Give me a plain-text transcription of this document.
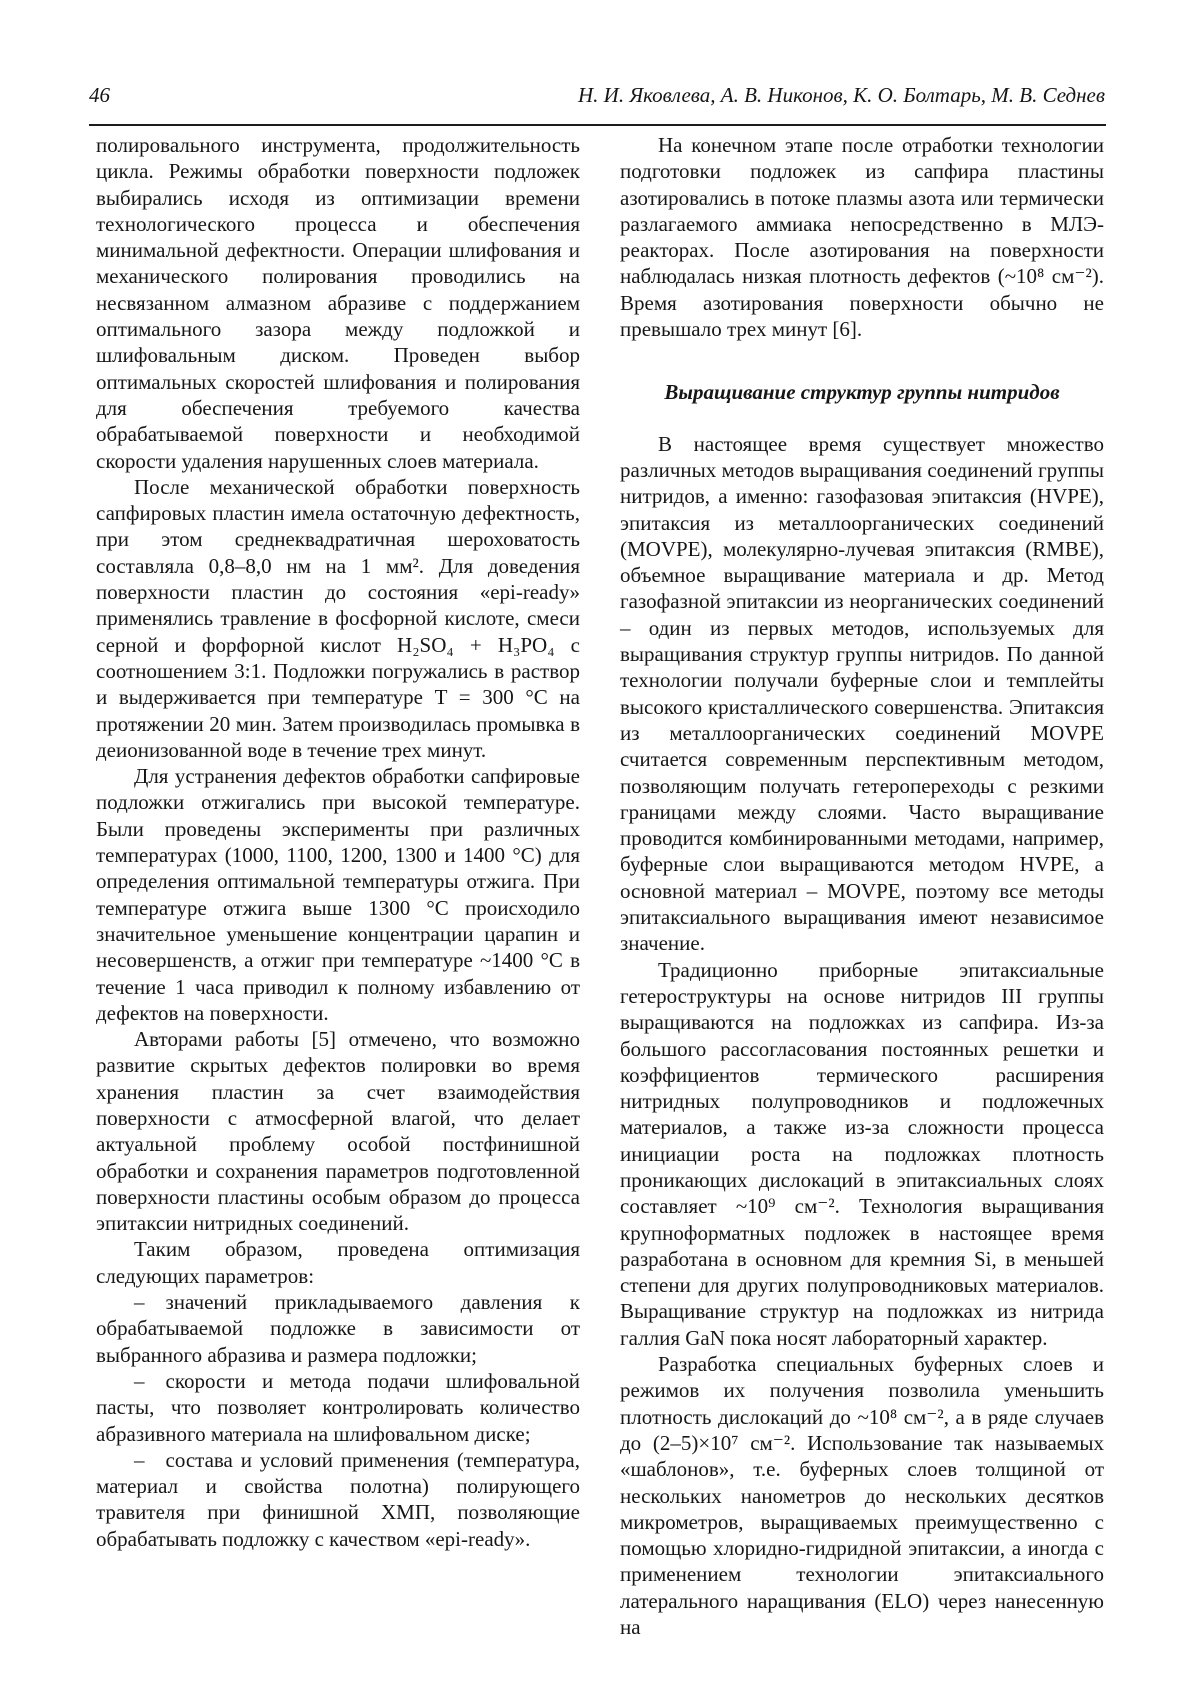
46	Н. И. Яковлева, А. В. Никонов, К. О. Болтарь, М. В. Седнев

полировального инструмента, продолжительность цикла. Режимы обработки поверхности подложек выбирались исходя из оптимизации времени технологического процесса и обеспечения минимальной дефектности. Операции шлифования и механического полирования проводились на несвязанном алмазном абразиве с поддержанием оптимального зазора между подложкой и шлифовальным диском. Проведен выбор оптимальных скоростей шлифования и полирования для обеспечения требуемого качества обрабатываемой поверхности и необходимой скорости удаления нарушенных слоев материала.

После механической обработки поверхность сапфировых пластин имела остаточную дефектность, при этом среднеквадратичная шероховатость составляла 0,8–8,0 нм на 1 мм². Для доведения поверхности пластин до состояния «epi-ready» применялись травление в фосфорной кислоте, смеси серной и форфорной кислот H₂SO₄ + H₃PO₄ с соотношением 3:1. Подложки погружались в раствор и выдерживается при температуре T = 300 °С на протяжении 20 мин. Затем производилась промывка в деионизованной воде в течение трех минут.

Для устранения дефектов обработки сапфировые подложки отжигались при высокой температуре. Были проведены эксперименты при различных температурах (1000, 1100, 1200, 1300 и 1400 °С) для определения оптимальной температуры отжига. При температуре отжига выше 1300 °С происходило значительное уменьшение концентрации царапин и несовершенств, а отжиг при температуре ~1400 °С в течение 1 часа приводил к полному избавлению от дефектов на поверхности.

Авторами работы [5] отмечено, что возможно развитие скрытых дефектов полировки во время хранения пластин за счет взаимодействия поверхности с атмосферной влагой, что делает актуальной проблему особой постфинишной обработки и сохранения параметров подготовленной поверхности пластины особым образом до процесса эпитаксии нитридных соединений.

Таким образом, проведена оптимизация следующих параметров:

– значений прикладываемого давления к обрабатываемой подложке в зависимости от выбранного абразива и размера подложки;

– скорости и метода подачи шлифовальной пасты, что позволяет контролировать количество абразивного материала на шлифовальном диске;

– состава и условий применения (температура, материал и свойства полотна) полирующего травителя при финишной ХМП, позволяющие обрабатывать подложку с качеством «epi-ready».

На конечном этапе после отработки технологии подготовки подложек из сапфира пластины азотировались в потоке плазмы азота или термически разлагаемого аммиака непосредственно в МЛЭ-реакторах. После азотирования на поверхности наблюдалась низкая плотность дефектов (~10⁸ см⁻²). Время азотирования поверхности обычно не превышало трех минут [6].

Выращивание структур группы нитридов

В настоящее время существует множество различных методов выращивания соединений группы нитридов, а именно: газофазовая эпитаксия (HVPE), эпитаксия из металлоорганических соединений (MOVPE), молекулярно-лучевая эпитаксия (RMBE), объемное выращивание материала и др. Метод газофазной эпитаксии из неорганических соединений – один из первых методов, используемых для выращивания структур группы нитридов. По данной технологии получали буферные слои и темплейты высокого кристаллического совершенства. Эпитаксия из металлоорганических соединений MOVPE считается современным перспективным методом, позволяющим получать гетеропереходы с резкими границами между слоями. Часто выращивание проводится комбинированными методами, например, буферные слои выращиваются методом HVPE, а основной материал – MOVPE, поэтому все методы эпитаксиального выращивания имеют независимое значение.

Традиционно приборные эпитаксиальные гетероструктуры на основе нитридов III группы выращиваются на подложках из сапфира. Из-за большого рассогласования постоянных решетки и коэффициентов термического расширения нитридных полупроводников и подложечных материалов, а также из-за сложности процесса инициации роста на подложках плотность проникающих дислокаций в эпитаксиальных слоях составляет ~10⁹ см⁻². Технология выращивания крупноформатных подложек в настоящее время разработана в основном для кремния Si, в меньшей степени для других полупроводниковых материалов. Выращивание структур на подложках из нитрида галлия GaN пока носят лабораторный характер.

Разработка специальных буферных слоев и режимов их получения позволила уменьшить плотность дислокаций до ~10⁸ см⁻², а в ряде случаев до (2–5)×10⁷ см⁻². Использование так называемых «шаблонов», т.е. буферных слоев толщиной от нескольких нанометров до нескольких десятков микрометров, выращиваемых преимущественно с помощью хлоридно-гидридной эпитаксии, а иногда с применением технологии эпитаксиального латерального наращивания (ELO) через нанесенную на
